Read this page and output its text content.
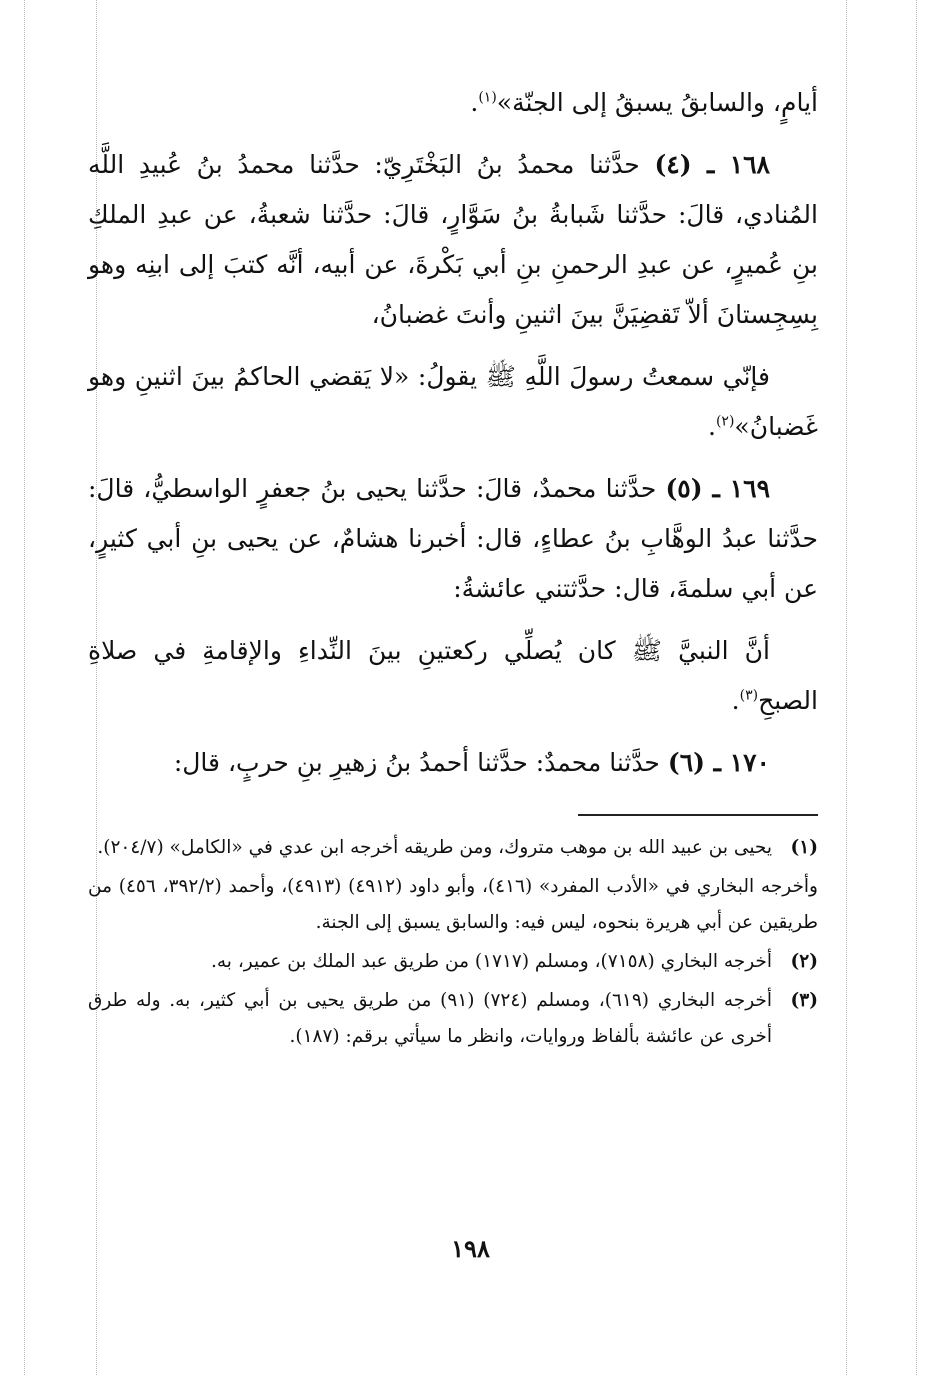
أيامٍ، والسابقُ يسبقُ إلى الجنّة»$^{(١)}$.

١٦٨ ـ (٤) حدَّثنا محمدُ بنُ البَخْتَرِيّ: حدَّثنا محمدُ بنُ عُبيدِ اللَّه المُنادي، قالَ: حدَّثنا شَبابةُ بنُ سَوَّارٍ، قالَ: حدَّثنا شعبةُ، عن عبدِ الملكِ بنِ عُميرٍ، عن عبدِ الرحمنِ بنِ أبي بَكْرةَ، عن أبيه، أنَّه كتبَ إلى ابنِه وهو بِسِجِستانَ ألاّ تَقضِيَنَّ بينَ اثنينِ وأنتَ غضبانُ،

فإنّي سمعتُ رسولَ اللَّهِ ﷺ يقولُ: «لا يَقضي الحاكمُ بينَ اثنينِ وهو غَضبانُ»$^{(٢)}$.

١٦٩ ـ (٥) حدَّثنا محمدٌ، قالَ: حدَّثنا يحيى بنُ جعفرٍ الواسطيُّ، قالَ: حدَّثنا عبدُ الوهَّابِ بنُ عطاءٍ، قال: أخبرنا هشامٌ، عن يحيى بنِ أبي كثيرٍ، عن أبي سلمةَ، قال: حدَّثتني عائشةُ:

أنَّ النبيَّ ﷺ كان يُصلِّي ركعتينِ بينَ النِّداءِ والإقامةِ في صلاةِ الصبحِ$^{(٣)}$.

١٧٠ ـ (٦) حدَّثنا محمدٌ: حدَّثنا أحمدُ بنُ زهيرِ بنِ حربٍ، قال:

(١)
يحيى بن عبيد الله بن موهب متروك، ومن طريقه أخرجه ابن عدي في «الكامل» (٢٠٤/٧).
وأخرجه البخاري في «الأدب المفرد» (٤١٦)، وأبو داود (٤٩١٢) (٤٩١٣)، وأحمد (٣٩٢/٢، ٤٥٦) من طريقين عن أبي هريرة بنحوه، ليس فيه: والسابق يسبق إلى الجنة.
(٢)
أخرجه البخاري (٧١٥٨)، ومسلم (١٧١٧) من طريق عبد الملك بن عمير، به.
(٣)
أخرجه البخاري (٦١٩)، ومسلم (٧٢٤) (٩١) من طريق يحيى بن أبي كثير، به. وله طرق أخرى عن عائشة بألفاظ وروايات، وانظر ما سيأتي برقم: (١٨٧).
١٩٨
